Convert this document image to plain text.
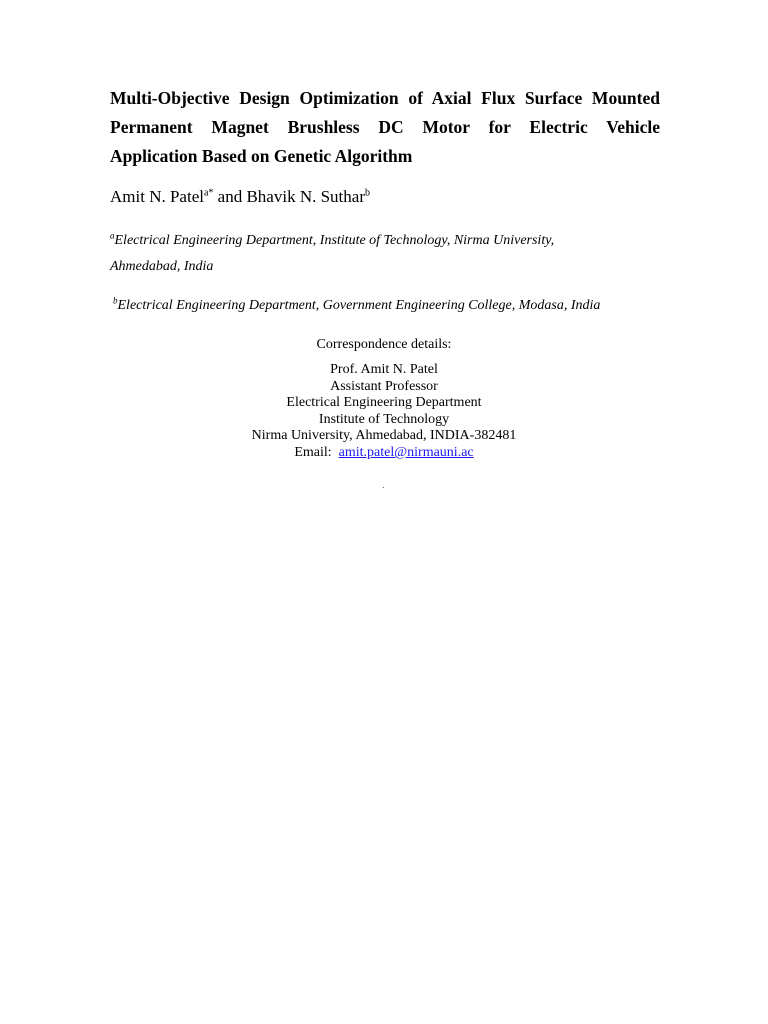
Multi-Objective Design Optimization of Axial Flux Surface Mounted
Permanent Magnet Brushless DC Motor for Electric Vehicle
Application Based on Genetic Algorithm
Amit N. Patel$^{a*}$ and Bhavik N. Suthar$^b$
$^a$Electrical Engineering Department, Institute of Technology, Nirma University,
Ahmedabad, India
$^b$Electrical Engineering Department, Government Engineering College, Modasa, India
Correspondence details:
Prof. Amit N. Patel
Assistant Professor
Electrical Engineering Department
Institute of Technology
Nirma University, Ahmedabad, INDIA-382481
Email: amit.patel@nirmauni.ac
.
